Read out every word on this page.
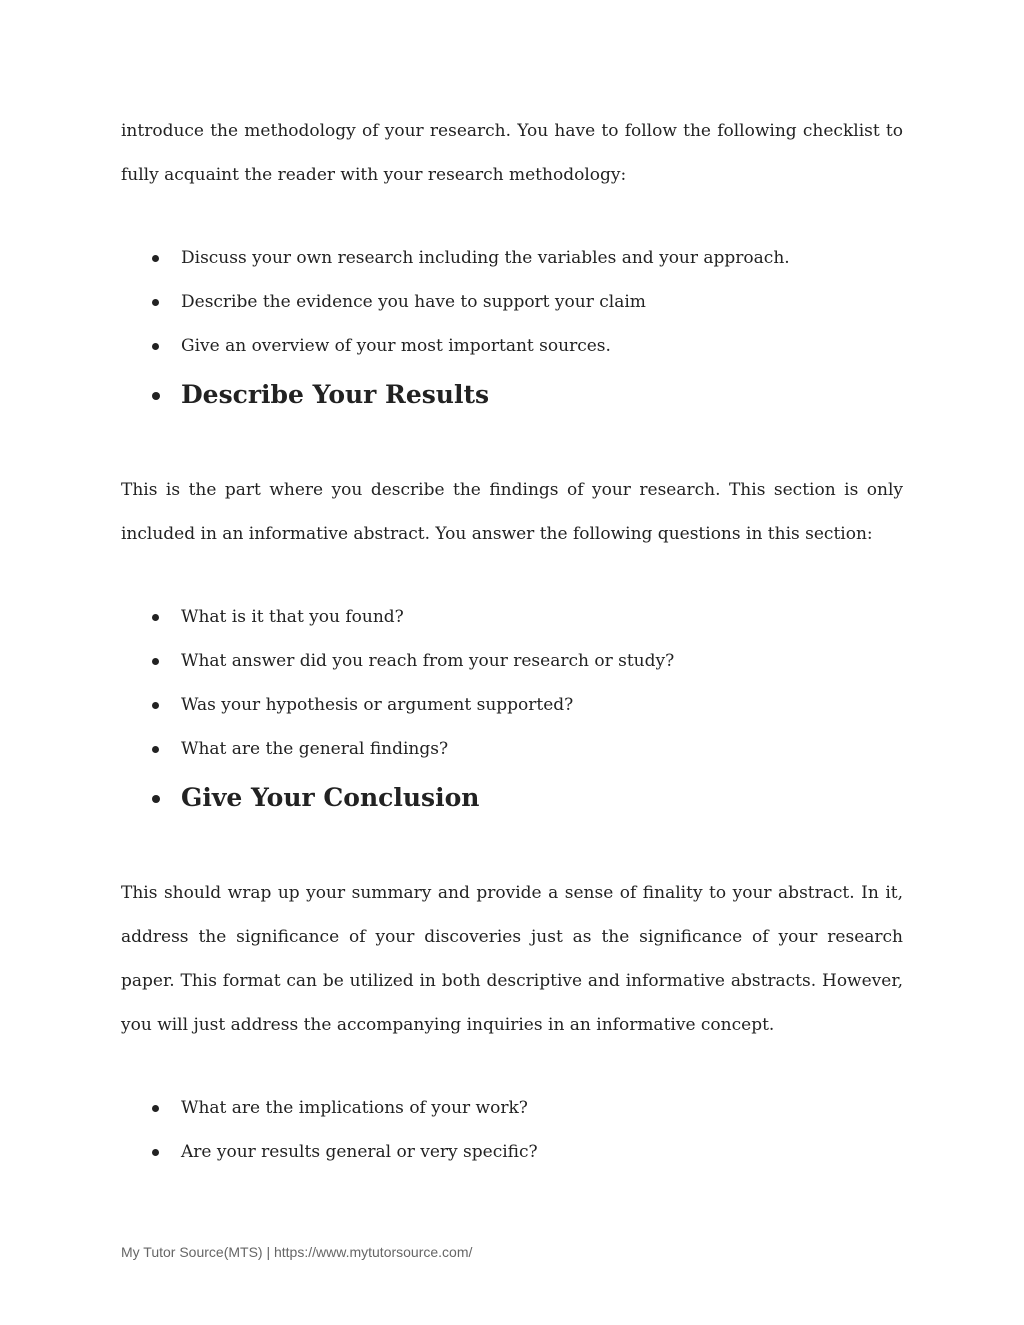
introduce the methodology of your research. You have to follow the following checklist to

fully acquaint the reader with your research methodology:

Discuss your own research including the variables and your approach.
Describe the evidence you have to support your claim
Give an overview of your most important sources.
Describe Your Results

This is the part where you describe the findings of your research. This section is only included in an informative abstract. You answer the following questions in this section:

What is it that you found?
What answer did you reach from your research or study?
Was your hypothesis or argument supported?
What are the general findings?
Give Your Conclusion

This should wrap up your summary and provide a sense of finality to your abstract. In it, address the significance of your discoveries just as the significance of your research paper. This format can be utilized in both descriptive and informative abstracts. However, you will just address the accompanying inquiries in an informative concept.

What are the implications of your work?
Are your results general or very specific?
My Tutor Source(MTS) | https://www.mytutorsource.com/
